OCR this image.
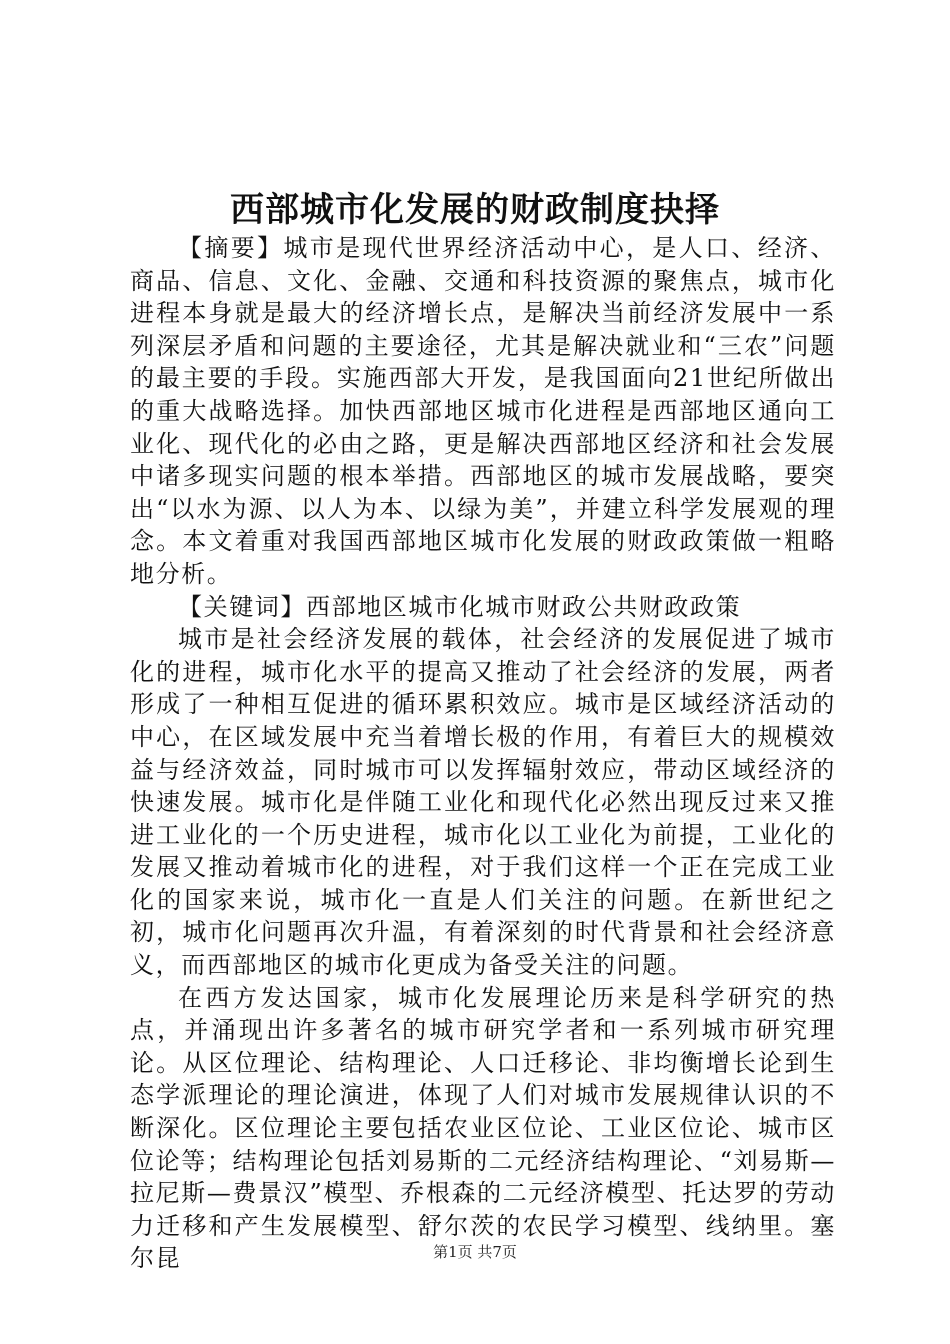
西部城市化发展的财政制度抉择

【摘要】城市是现代世界经济活动中心，是人口、经济、商品、信息、文化、金融、交通和科技资源的聚焦点，城市化进程本身就是最大的经济增长点，是解决当前经济发展中一系列深层矛盾和问题的主要途径，尤其是解决就业和“三农”问题的最主要的手段。实施西部大开发，是我国面向21世纪所做出的重大战略选择。加快西部地区城市化进程是西部地区通向工业化、现代化的必由之路，更是解决西部地区经济和社会发展中诸多现实问题的根本举措。西部地区的城市发展战略，要突出“以水为源、以人为本、以绿为美”，并建立科学发展观的理念。本文着重对我国西部地区城市化发展的财政政策做一粗略地分析。

【关键词】西部地区城市化城市财政公共财政政策

城市是社会经济发展的载体，社会经济的发展促进了城市化的进程，城市化水平的提高又推动了社会经济的发展，两者形成了一种相互促进的循环累积效应。城市是区域经济活动的中心，在区域发展中充当着增长极的作用，有着巨大的规模效益与经济效益，同时城市可以发挥辐射效应，带动区域经济的快速发展。城市化是伴随工业化和现代化必然出现反过来又推进工业化的一个历史进程，城市化以工业化为前提，工业化的发展又推动着城市化的进程，对于我们这样一个正在完成工业化的国家来说，城市化一直是人们关注的问题。在新世纪之初，城市化问题再次升温，有着深刻的时代背景和社会经济意义，而西部地区的城市化更成为备受关注的问题。

在西方发达国家，城市化发展理论历来是科学研究的热点，并涌现出许多著名的城市研究学者和一系列城市研究理论。从区位理论、结构理论、人口迁移论、非均衡增长论到生态学派理论的理论演进，体现了人们对城市发展规律认识的不断深化。区位理论主要包括农业区位论、工业区位论、城市区位论等；结构理论包括刘易斯的二元经济结构理论、“刘易斯—拉尼斯—费景汉”模型、乔根森的二元经济模型、托达罗的劳动力迁移和产生发展模型、舒尔茨的农民学习模型、线纳里。塞尔昆	第1页 共7页
